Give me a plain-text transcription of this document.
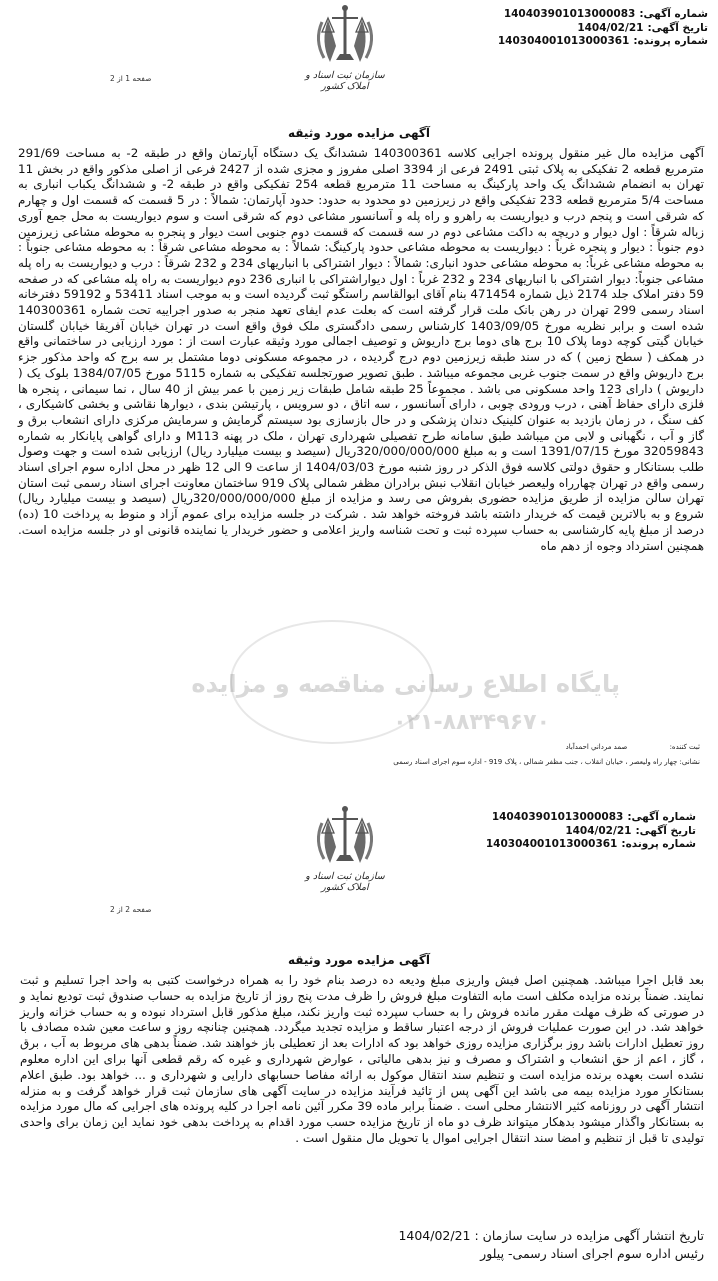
شماره آگهی:140403901013000083
تاریخ آگهی:1404/02/21
شماره پرونده:140304001013000361
سازمان ثبت اسناد و املاک کشور
صفحه 1 از 2
آگهی مزایده مورد وثیقه
آگهی مزایده مال غیر منقول پرونده اجرایی کلاسه 140300361 ششدانگ یک دستگاه آپارتمان واقع در طبقه 2- به مساحت 291/69 مترمربع قطعه 2 تفکیکی به پلاک ثبتی 2491 فرعی از 3394 اصلی مفروز و مجزی شده از 2427 فرعی از اصلی مذکور واقع در بخش 11 تهران به انضمام ششدانگ یک واحد پارکینگ به مساحت 11 مترمربع قطعه 254 تفکیکی واقع در طبقه 2- و ششدانگ یکباب انباری به مساحت 5/4 مترمربع قطعه 233 تفکیکی واقع در زیرزمین دو محدود به حدود: حدود آپارتمان: شمالاً : در 5 قسمت که قسمت اول و چهارم که شرقی است و پنجم درب و دیواریست به راهرو و راه پله و آسانسور مشاعی دوم که شرقی است و سوم دیواریست به محل جمع آوری زباله شرقاً : اول دیوار و دریچه به داکت مشاعی دوم در سه قسمت که قسمت دوم جنوبی است دیوار و پنجره به محوطه مشاعی زیرزمین دوم جنوباً : دیوار و پنجره غرباً : دیواریست به محوطه مشاعی حدود پارکینگ: شمالاً : به محوطه مشاعی شرقاً : به محوطه مشاعی جنوباً : به محوطه مشاعی غرباً: به محوطه مشاعی حدود انباری: شمالاً : دیوار اشتراکی با انباریهای 234 و 232 شرقاً : درب و دیواریست به راه پله مشاعی جنوباً: دیوار اشتراکی با انباریهای 234 و 232 غرباً : اول دیواراشتراکی با انباری 236 دوم دیواریست به راه پله مشاعی که در صفحه 59 دفتر املاک جلد 2174 ذیل شماره 471454 بنام آقای ابوالقاسم راستگو ثبت گردیده است و به موجب اسناد 53411 و 59192 دفترخانه اسناد رسمی 299 تهران در رهن بانک ملت قرار گرفته است که بعلت عدم ایفای تعهد منجر به صدور اجراییه تحت شماره 140300361 شده است و برابر نظریه مورخ 1403/09/05 کارشناس رسمی دادگستری ملک فوق واقع است در تهران خیابان آفریقا خیابان گلستان خیابان گیتی کوچه دوما پلاک 10 برج های دوما برج داریوش و توصیف اجمالی مورد وثیقه عبارت است از : مورد ارزیابی در ساختمانی واقع در همکف ( سطح زمین ) که در سند طبقه زیرزمین دوم درج گردیده ، در مجموعه مسکونی دوما مشتمل بر سه برج که واحد مذکور جزء برج داریوش واقع در سمت جنوب غربی مجموعه میباشد . طبق تصویر صورتجلسه تفکیکی به شماره 5115 مورخ 1384/07/05 بلوک یک ( داریوش ) دارای 123 واحد مسکونی می باشد . مجموعاً 25 طبقه شامل طبقات زیر زمین با عمر بیش از 40 سال ، نما سیمانی ، پنجره ها فلزی دارای حفاظ آهنی ، درب ورودی چوبی ، دارای آسانسور ، سه اتاق ، دو سرویس ، پارتیشن بندی ، دیوارها نقاشی و بخشی کاشیکاری ، کف سنگ ، در زمان بازدید به عنوان کلینیک دندان پزشکی و در حال بازسازی بود سیستم گرمایش و سرمایش مرکزی دارای انشعاب برق و گاز و آب ، نگهبانی و لابی من میباشد طبق سامانه طرح تفصیلی شهرداری تهران ، ملک در پهنه M113 و دارای گواهی پایانکار به شماره 32059843 مورخ 1391/07/15 است و به مبلغ 320/000/000/000ریال (سیصد و بیست میلیارد ریال) ارزیابی شده است و جهت وصول طلب بستانکار و حقوق دولتی کلاسه فوق الذکر در روز شنبه مورخ 1404/03/03 از ساعت 9 الی 12 ظهر در محل اداره سوم اجرای اسناد رسمی واقع در تهران چهارراه ولیعصر خیابان انقلاب نبش برادران مظفر شمالی پلاک 919 ساختمان معاونت اجرای اسناد رسمی ثبت استان تهران سالن مزایده از طریق مزایده حضوری بفروش می رسد و مزایده از مبلغ 320/000/000/000ریال (سیصد و بیست میلیارد ریال) شروع و به بالاترین قیمت که خریدار داشته باشد فروخته خواهد شد . شرکت در جلسه مزایده برای عموم آزاد و منوط به پرداخت 10 (ده) درصد از مبلغ پایه کارشناسی به حساب سپرده ثبت و تحت شناسه واریز اعلامی و حضور خریدار یا نماینده قانونی او در جلسه مزایده است. همچنین استرداد وجوه از دهم ماه
پایگاه اطلاع رسانی مناقصه و مزایده
۰۲۱-۸۸۳۴۹۶۷۰
ثبت کننده: صمد مرداني احمدآباد
نشانی: چهار راه ولیعصر ، خیابان انقلاب ، جنب مظفر شمالی ، پلاک 919 - اداره سوم اجرای اسناد رسمی
شماره آگهی:140403901013000083
تاریخ آگهی:1404/02/21
شماره پرونده:140304001013000361
سازمان ثبت اسناد و املاک کشور
صفحه 2 از 2
آگهی مزایده مورد وثیقه
بعد قابل اجرا میباشد. همچنین اصل فیش واریزی مبلغ ودیعه ده درصد بنام خود را به همراه درخواست کتبی به واحد اجرا تسلیم و ثبت نمایند. ضمناً برنده مزایده مکلف است مابه التفاوت مبلغ فروش را ظرف مدت پنج روز از تاریخ مزایده به حساب صندوق ثبت تودیع نماید و در صورتی که ظرف مهلت مقرر مانده فروش را به حساب سپرده ثبت واریز نکند، مبلغ مذکور قابل استرداد نبوده و به حساب خزانه واریز خواهد شد. در این صورت عملیات فروش از درجه اعتبار ساقط و مزایده تجدید میگردد. همچنین چنانچه روز و ساعت معین شده مصادف با روز تعطیل ادارات باشد روز برگزاری مزایده روزی خواهد بود که ادارات بعد از تعطیلی باز خواهند شد. ضمناً بدهی های مربوط به آب ، برق ، گاز ، اعم از حق انشعاب و اشتراک و مصرف و نیز بدهی مالیاتی ، عوارض شهرداری و غیره که رقم قطعی آنها برای این اداره معلوم نشده است بعهده برنده مزایده است و تنظیم سند انتقال موکول به ارائه مفاصا حسابهای دارایی و شهرداری و ... خواهد بود. طبق اعلام بستانکار مورد مزایده بیمه می باشد این آگهی پس از تائید فرآیند مزایده در سایت آگهی های سازمان ثبت قرار خواهد گرفت و به منزله انتشار آگهی در روزنامه کثیر الانتشار محلی است . ضمناً برابر ماده 39 مکرر آئین نامه اجرا در کلیه پرونده های اجرایی که مال مورد مزایده به بستانکار واگذار میشود بدهکار میتواند ظرف دو ماه از تاریخ مزایده حسب مورد اقدام به پرداخت بدهی خود نماید این زمان برای واحدی تولیدی تا قبل از تنظیم و امضا سند انتقال اجرایی اموال یا تحویل مال منقول است .
تاریخ انتشار آگهی مزایده در سایت سازمان : 1404/02/21
رئیس اداره سوم اجرای اسناد رسمی- پیلور
